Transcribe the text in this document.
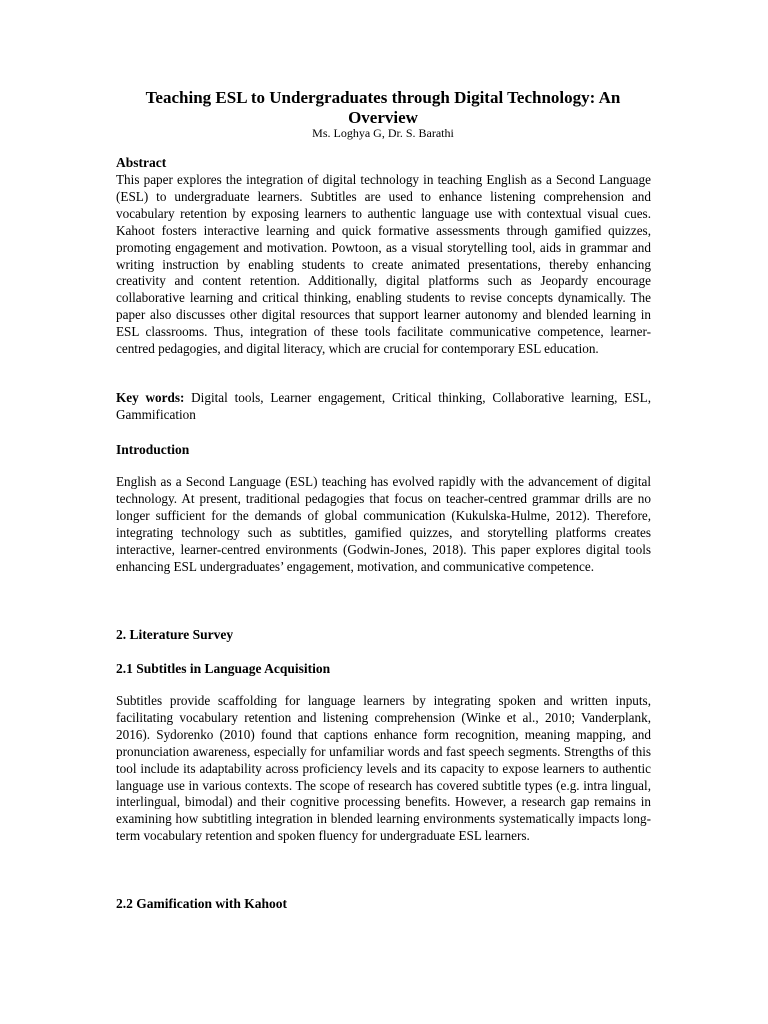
Teaching ESL to Undergraduates through Digital Technology: An Overview
Ms. Loghya G, Dr. S. Barathi
Abstract
This paper explores the integration of digital technology in teaching English as a Second Language (ESL) to undergraduate learners. Subtitles are used to enhance listening comprehension and vocabulary retention by exposing learners to authentic language use with contextual visual cues. Kahoot fosters interactive learning and quick formative assessments through gamified quizzes, promoting engagement and motivation. Powtoon, as a visual storytelling tool, aids in grammar and writing instruction by enabling students to create animated presentations, thereby enhancing creativity and content retention. Additionally, digital platforms such as Jeopardy encourage collaborative learning and critical thinking, enabling students to revise concepts dynamically. The paper also discusses other digital resources that support learner autonomy and blended learning in ESL classrooms. Thus, integration of these tools facilitate communicative competence, learner-centred pedagogies, and digital literacy, which are crucial for contemporary ESL education.
Key words: Digital tools, Learner engagement, Critical thinking, Collaborative learning, ESL, Gammification
Introduction
English as a Second Language (ESL) teaching has evolved rapidly with the advancement of digital technology. At present, traditional pedagogies that focus on teacher-centred grammar drills are no longer sufficient for the demands of global communication (Kukulska-Hulme, 2012). Therefore, integrating technology such as subtitles, gamified quizzes, and storytelling platforms creates interactive, learner-centred environments (Godwin-Jones, 2018). This paper explores digital tools enhancing ESL undergraduates’ engagement, motivation, and communicative competence.
2. Literature Survey
2.1 Subtitles in Language Acquisition
Subtitles provide scaffolding for language learners by integrating spoken and written inputs, facilitating vocabulary retention and listening comprehension (Winke et al., 2010; Vanderplank, 2016). Sydorenko (2010) found that captions enhance form recognition, meaning mapping, and pronunciation awareness, especially for unfamiliar words and fast speech segments. Strengths of this tool include its adaptability across proficiency levels and its capacity to expose learners to authentic language use in various contexts. The scope of research has covered subtitle types (e.g. intra lingual, interlingual, bimodal) and their cognitive processing benefits. However, a research gap remains in examining how subtitling integration in blended learning environments systematically impacts long-term vocabulary retention and spoken fluency for undergraduate ESL learners.
2.2 Gamification with Kahoot
